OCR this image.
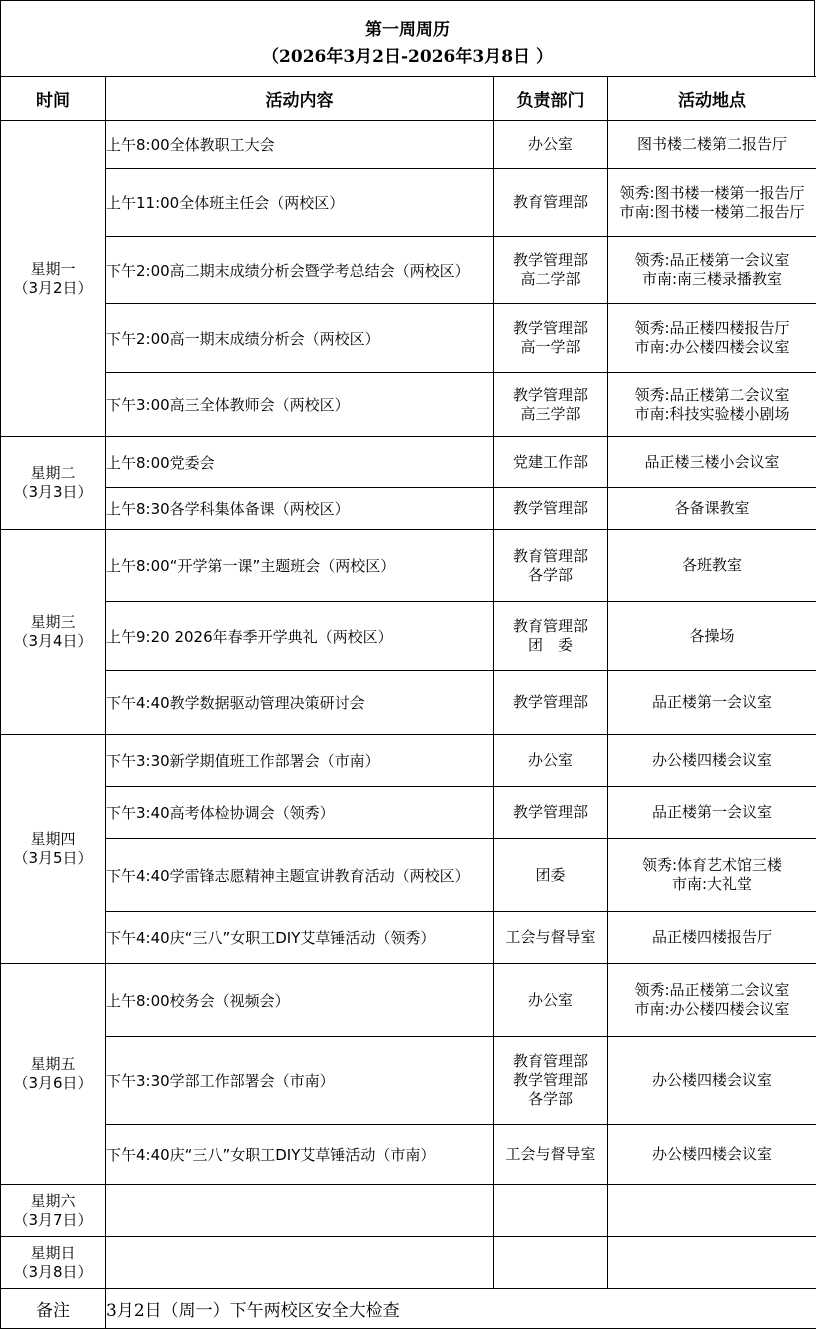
第一周周历
（2026年3月2日-2026年3月8日 ）
时间	活动内容	负责部门	活动地点

星期一
（3月2日）	上午8:00全体教职工大会	办公室	图书楼二楼第二报告厅

	上午11:00全体班主任会（两校区）	教育管理部	领秀:图书楼一楼第一报告厅
市南:图书楼一楼第二报告厅

	下午2:00高二期末成绩分析会暨学考总结会（两校区）	教学管理部
高二学部	领秀:品正楼第一会议室
市南:南三楼录播教室

	下午2:00高一期末成绩分析会（两校区）	教学管理部
高一学部	领秀:品正楼四楼报告厅
市南:办公楼四楼会议室

	下午3:00高三全体教师会（两校区）	教学管理部
高三学部	领秀:品正楼第二会议室
市南:科技实验楼小剧场

星期二
（3月3日）	上午8:00党委会	党建工作部	品正楼三楼小会议室

	上午8:30各学科集体备课（两校区）	教学管理部	各备课教室

星期三
（3月4日）	上午8:00“开学第一课”主题班会（两校区）	教育管理部
各学部	各班教室

	上午9:20 2026年春季开学典礼（两校区）	教育管理部
团　委	各操场

	下午4:40教学数据驱动管理决策研讨会	教学管理部	品正楼第一会议室

星期四
（3月5日）	下午3:30新学期值班工作部署会（市南）	办公室	办公楼四楼会议室

	下午3:40高考体检协调会（领秀）	教学管理部	品正楼第一会议室

	下午4:40学雷锋志愿精神主题宣讲教育活动（两校区）	团委	领秀:体育艺术馆三楼
市南:大礼堂

	下午4:40庆“三八”女职工DIY艾草锤活动（领秀）	工会与督导室	品正楼四楼报告厅

星期五
（3月6日）	上午8:00校务会（视频会）	办公室	领秀:品正楼第二会议室
市南:办公楼四楼会议室

	下午3:30学部工作部署会（市南）	教育管理部
教学管理部
各学部	办公楼四楼会议室

	下午4:40庆“三八”女职工DIY艾草锤活动（市南）	工会与督导室	办公楼四楼会议室

星期六
（3月7日）			

星期日
（3月8日）			

备注	3月2日（周一）下午两校区安全大检查		
